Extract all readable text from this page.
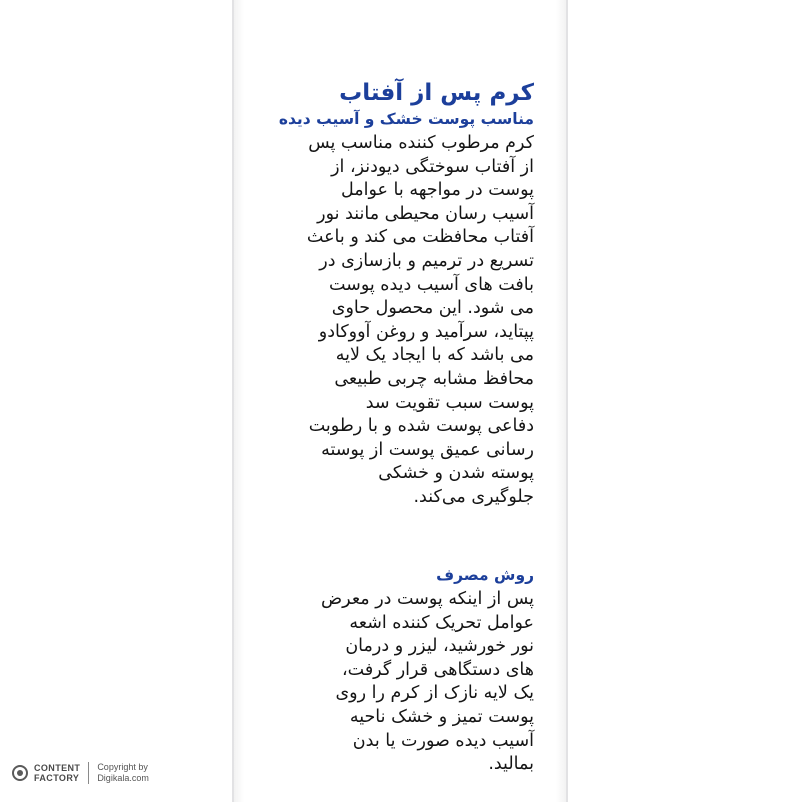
کرم پس از آفتاب
مناسب پوست خشک و آسیب دیده
کرم مرطوب کننده مناسب پس
از آفتاب سوختگی دیودنز، از
پوست در مواجهه با عوامل
آسیب رسان محیطی مانند نور
آفتاب محافظت می کند و باعث
تسریع در ترمیم و بازسازی در
بافت های آسیب دیده پوست
می شود. این محصول حاوی
پپتاید، سرآمید و روغن آووکادو
می باشد که با ایجاد یک لایه
محافظ مشابه چربی طبیعی
پوست سبب تقویت سد
دفاعی پوست شده و با رطوبت
رسانی عمیق پوست از پوسته
پوسته شدن و خشکی
جلوگیری می‌کند.
روش مصرف
پس از اینکه پوست در معرض
عوامل تحریک کننده اشعه
نور خورشید، لیزر و درمان
های دستگاهی قرار گرفت،
یک لایه نازک از کرم را روی
پوست تمیز و خشک ناحیه
آسیب دیده صورت یا بدن
بمالید.
CONTENT
FACTORY
Copyright by
Digikala.com
